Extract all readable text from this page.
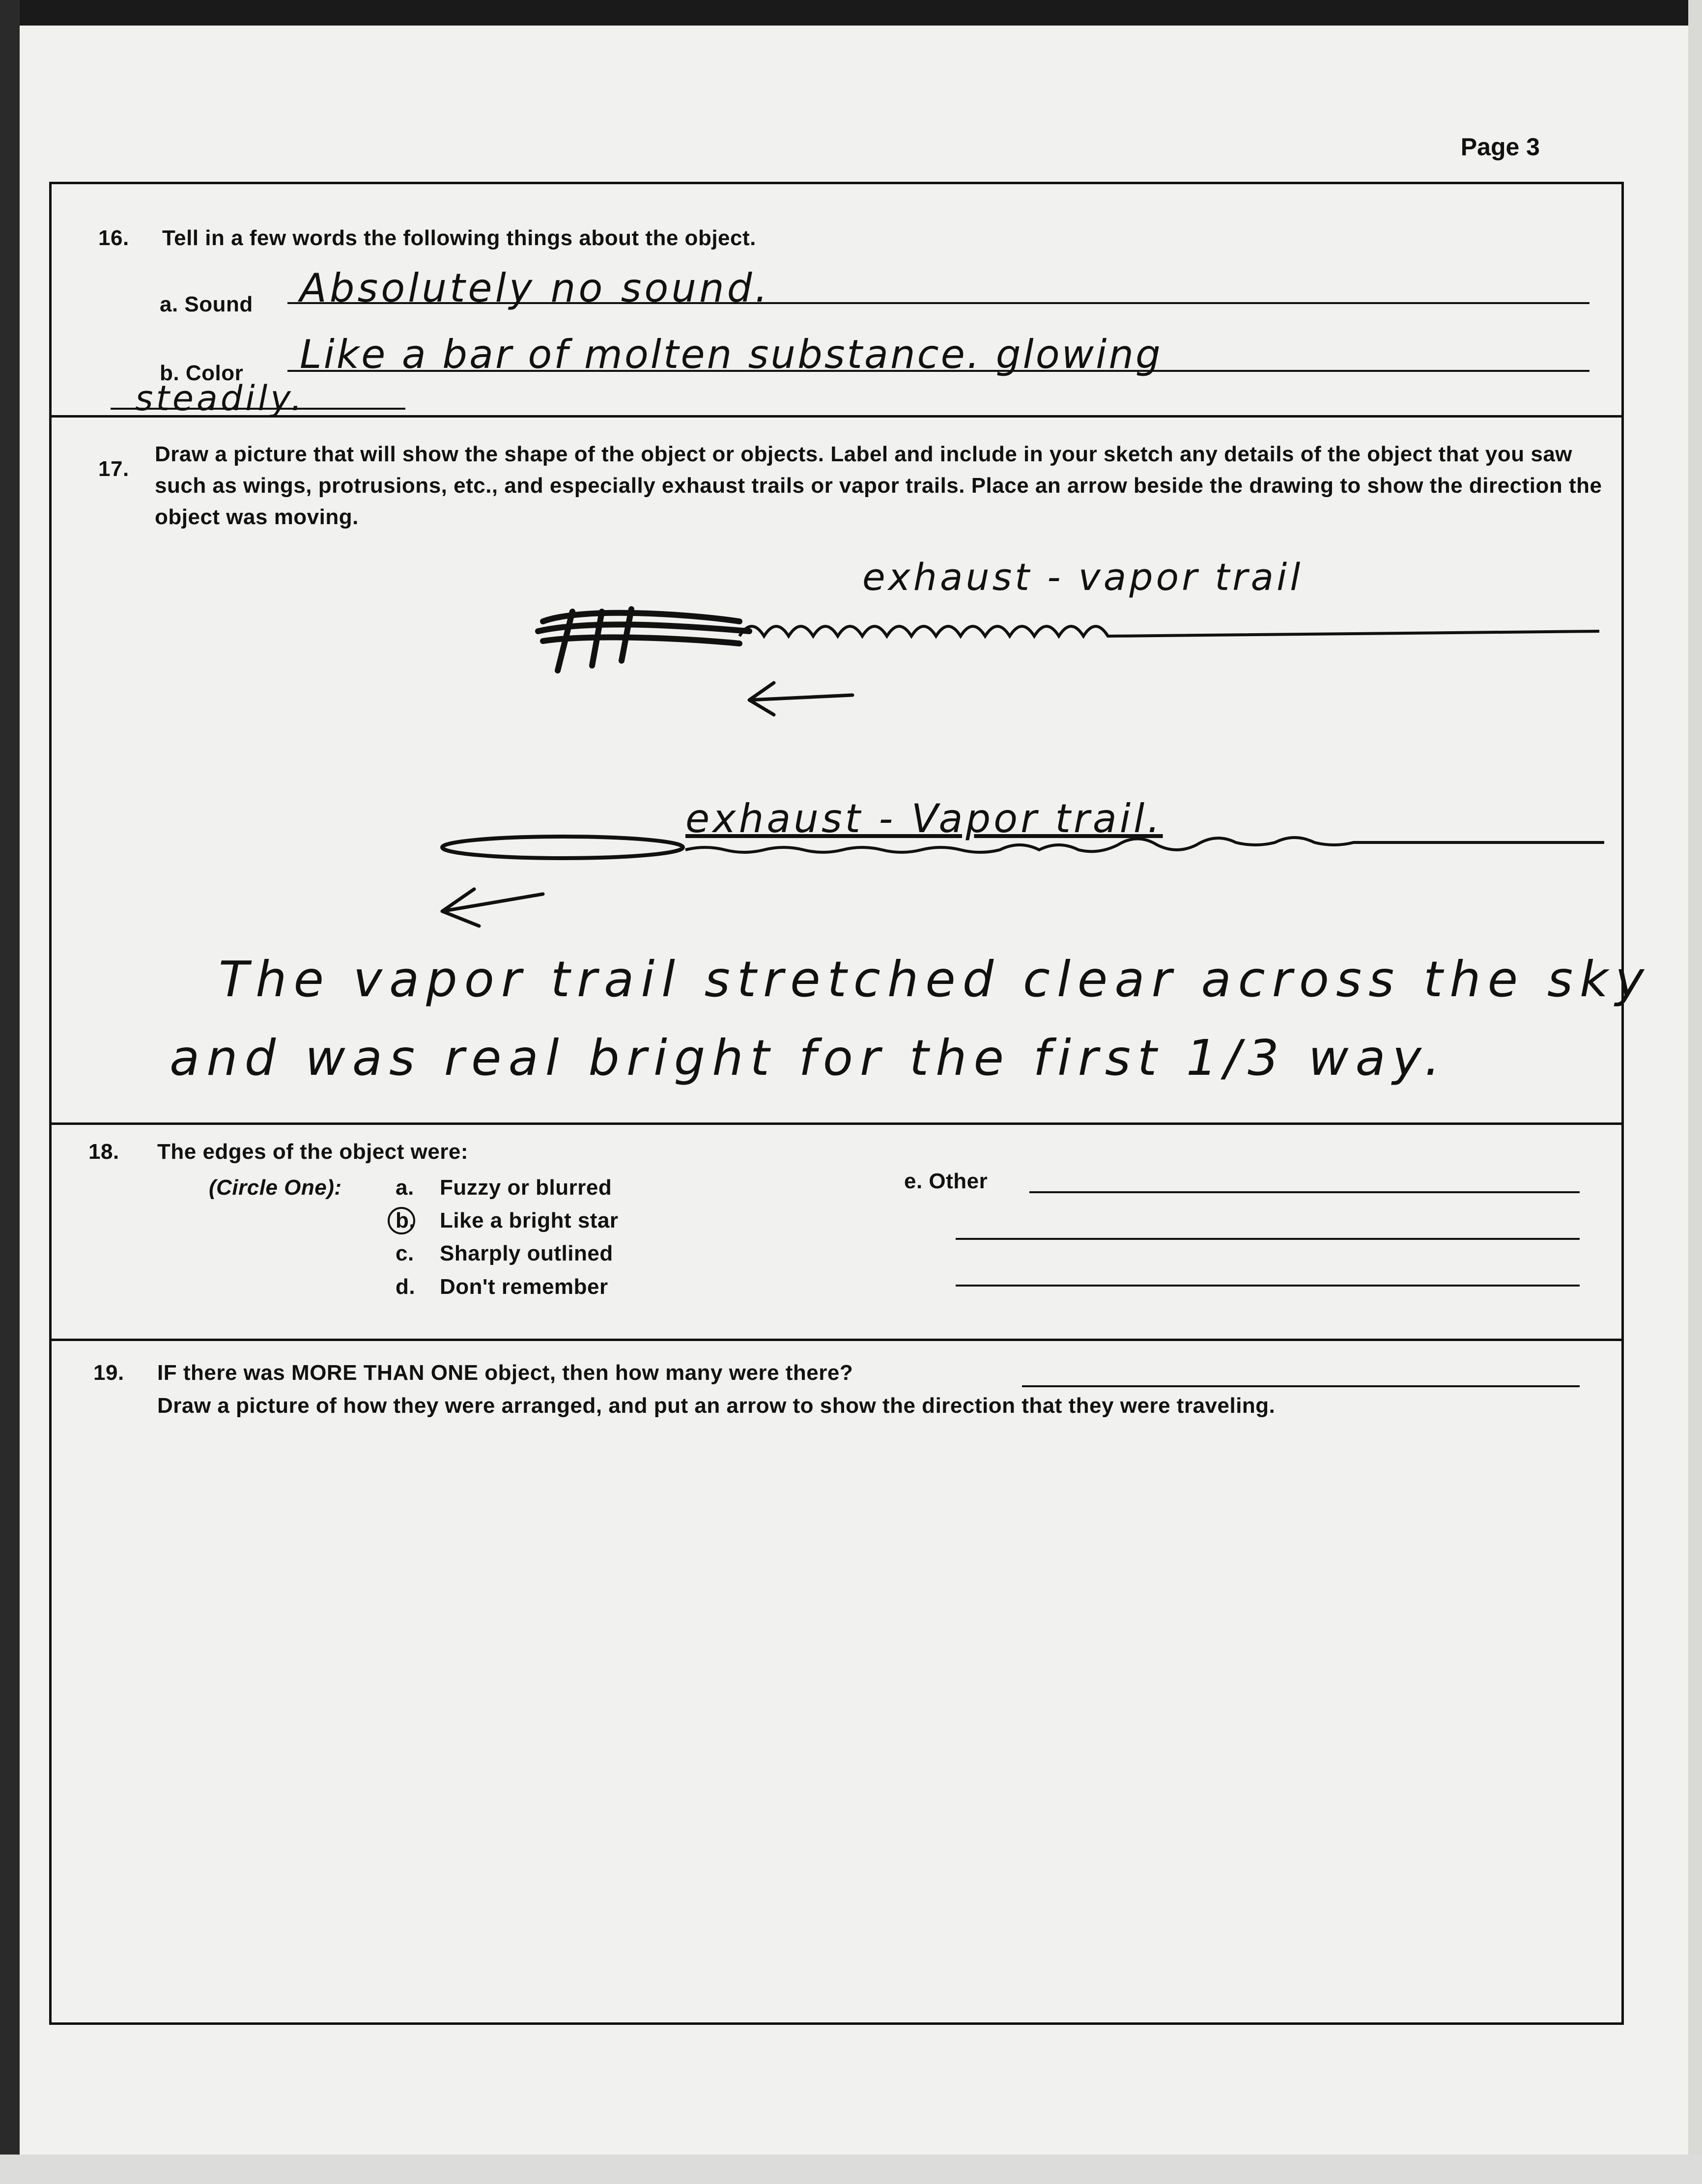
Page 3
16. Tell in a few words the following things about the object.
a. Sound Absolutely no sound.
b. Color Like a bar of molten substance. glowing
steadily.
17.
Draw a picture that will show the shape of the object or objects. Label and include in your sketch any details of the object that you saw such as wings, protrusions, etc., and especially exhaust trails or vapor trails. Place an arrow beside the drawing to show the direction the object was moving.
exhaust - vapor trail
exhaust - Vapor trail.
The vapor trail stretched clear across the sky
and was real bright for the first 1/3 way.
18. The edges of the object were:
(Circle One): a. Fuzzy or blurred
b. Like a bright star
c. Sharply outlined
d. Don't remember
e. Other
19. IF there was MORE THAN ONE object, then how many were there?
Draw a picture of how they were arranged, and put an arrow to show the direction that they were traveling.
